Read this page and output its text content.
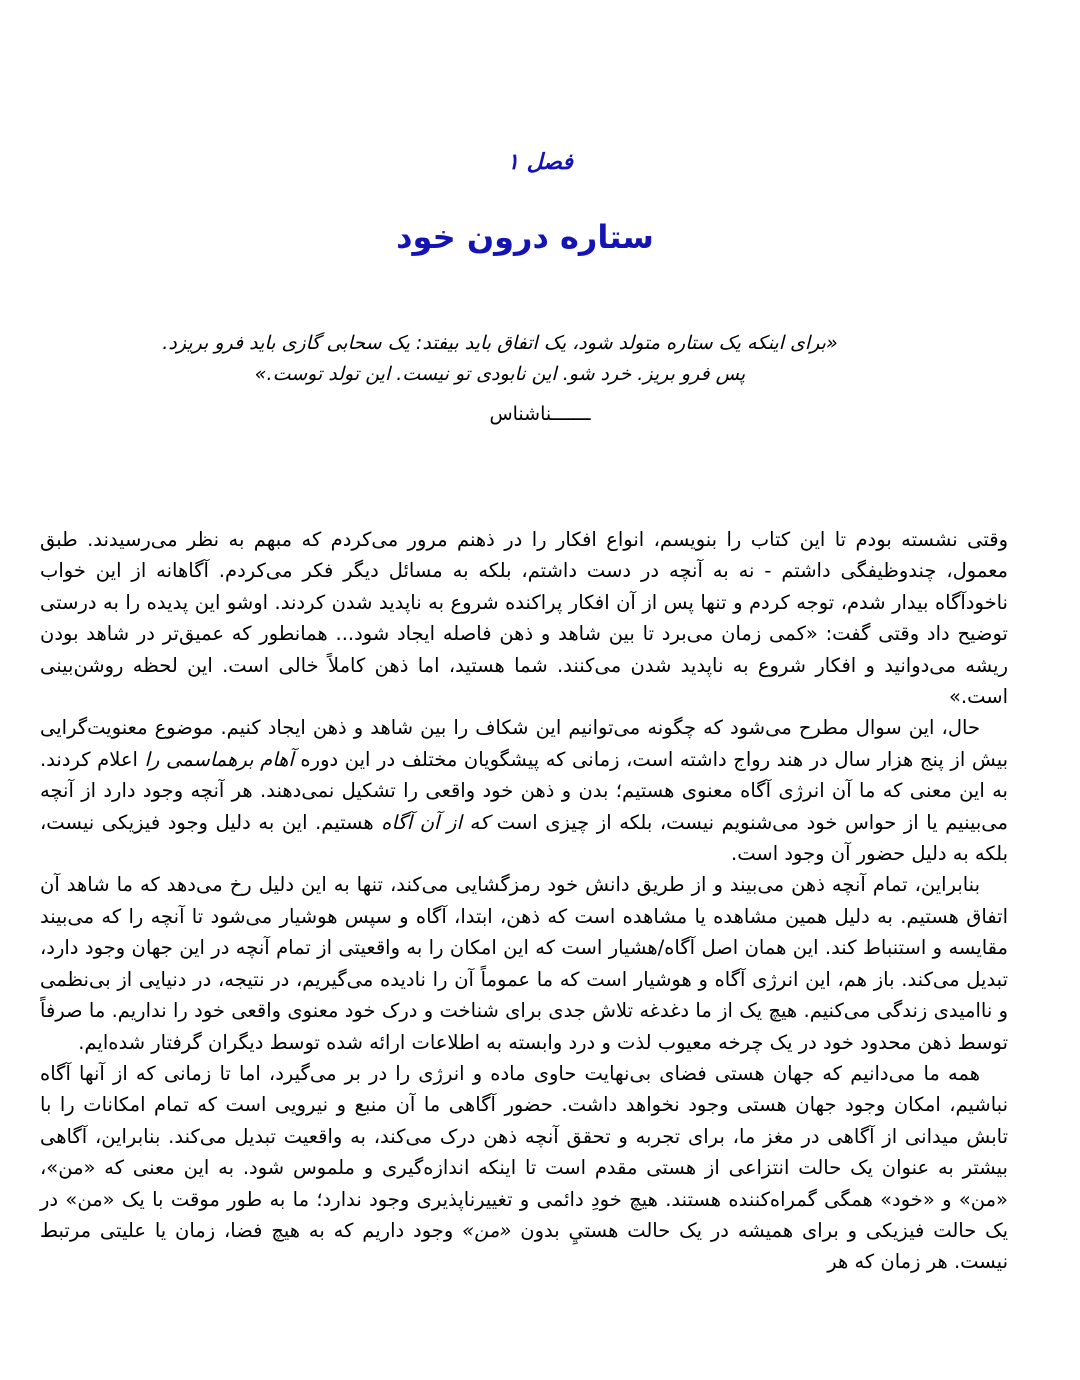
فصل ۱
ستاره درون خود
«برای اینکه یک ستاره متولد شود، یک اتفاق باید بیفتد: یک سحابی گازی باید فرو بریزد.
پس فرو بریز. خرد شو. این نابودی تو نیست. این تولد توست.»
ـــــــناشناس

وقتی نشسته بودم تا این کتاب را بنویسم، انواع افکار را در ذهنم مرور می‌کردم که مبهم به نظر می‌رسیدند. طبق معمول، چندوظیفگی داشتم - نه به آنچه در دست داشتم، بلکه به مسائل دیگر فکر می‌کردم. آگاهانه از این خواب ناخودآگاه بیدار شدم، توجه کردم و تنها پس از آن افکار پراکنده شروع به ناپدید شدن کردند. اوشو این پدیده را به درستی توضیح داد وقتی گفت: «کمی زمان می‌برد تا بین شاهد و ذهن فاصله ایجاد شود... همانطور که عمیق‌تر در شاهد بودن ریشه می‌دوانید و افکار شروع به ناپدید شدن می‌کنند. شما هستید، اما ذهن کاملاً خالی است. این لحظه روشن‌بینی است.»

حال، این سوال مطرح می‌شود که چگونه می‌توانیم این شکاف را بین شاهد و ذهن ایجاد کنیم. موضوع معنویت‌گرایی بیش از پنج هزار سال در هند رواج داشته است، زمانی که پیشگویان مختلف در این دوره آهام برهماسمی را اعلام کردند. به این معنی که ما آن انرژی آگاه معنوی هستیم؛ بدن و ذهن خود واقعی را تشکیل نمی‌دهند. هر آنچه وجود دارد از آنچه می‌بینیم یا از حواس خود می‌شنویم نیست، بلکه از چیزی است که از آن آگاه هستیم. این به دلیل وجود فیزیکی نیست، بلکه به دلیل حضور آن وجود است.

بنابراین، تمام آنچه ذهن می‌بیند و از طریق دانش خود رمزگشایی می‌کند، تنها به این دلیل رخ می‌دهد که ما شاهد آن اتفاق هستیم. به دلیل همین مشاهده یا مشاهده است که ذهن، ابتدا، آگاه و سپس هوشیار می‌شود تا آنچه را که می‌بیند مقایسه و استنباط کند. این همان اصل آگاه/هشیار است که این امکان را به واقعیتی از تمام آنچه در این جهان وجود دارد، تبدیل می‌کند. باز هم، این انرژی آگاه و هوشیار است که ما عموماً آن را نادیده می‌گیریم، در نتیجه، در دنیایی از بی‌نظمی و ناامیدی زندگی می‌کنیم. هیچ یک از ما دغدغه تلاش جدی برای شناخت و درک خود معنوی واقعی خود را نداریم. ما صرفاً توسط ذهن محدود خود در یک چرخه معیوب لذت و درد وابسته به اطلاعات ارائه شده توسط دیگران گرفتار شده‌ایم.

همه ما می‌دانیم که جهان هستی فضای بی‌نهایت حاوی ماده و انرژی را در بر می‌گیرد، اما تا زمانی که از آنها آگاه نباشیم، امکان وجود جهان هستی وجود نخواهد داشت. حضور آگاهی ما آن منبع و نیرویی است که تمام امکانات را با تابش میدانی از آگاهی در مغز ما، برای تجربه و تحقق آنچه ذهن درک می‌کند، به واقعیت تبدیل می‌کند. بنابراین، آگاهی بیشتر به عنوان یک حالت انتزاعی از هستی مقدم است تا اینکه اندازه‌گیری و ملموس شود. به این معنی که «من»، «من» و «خود» همگی گمراه‌کننده هستند. هیچ خودِ دائمی و تغییرناپذیری وجود ندارد؛ ما به طور موقت با یک «من» در یک حالت فیزیکی و برای همیشه در یک حالت هستيِ بدون «من» وجود داریم که به هیچ فضا، زمان یا علیتی مرتبط نیست. هر زمان که هر
